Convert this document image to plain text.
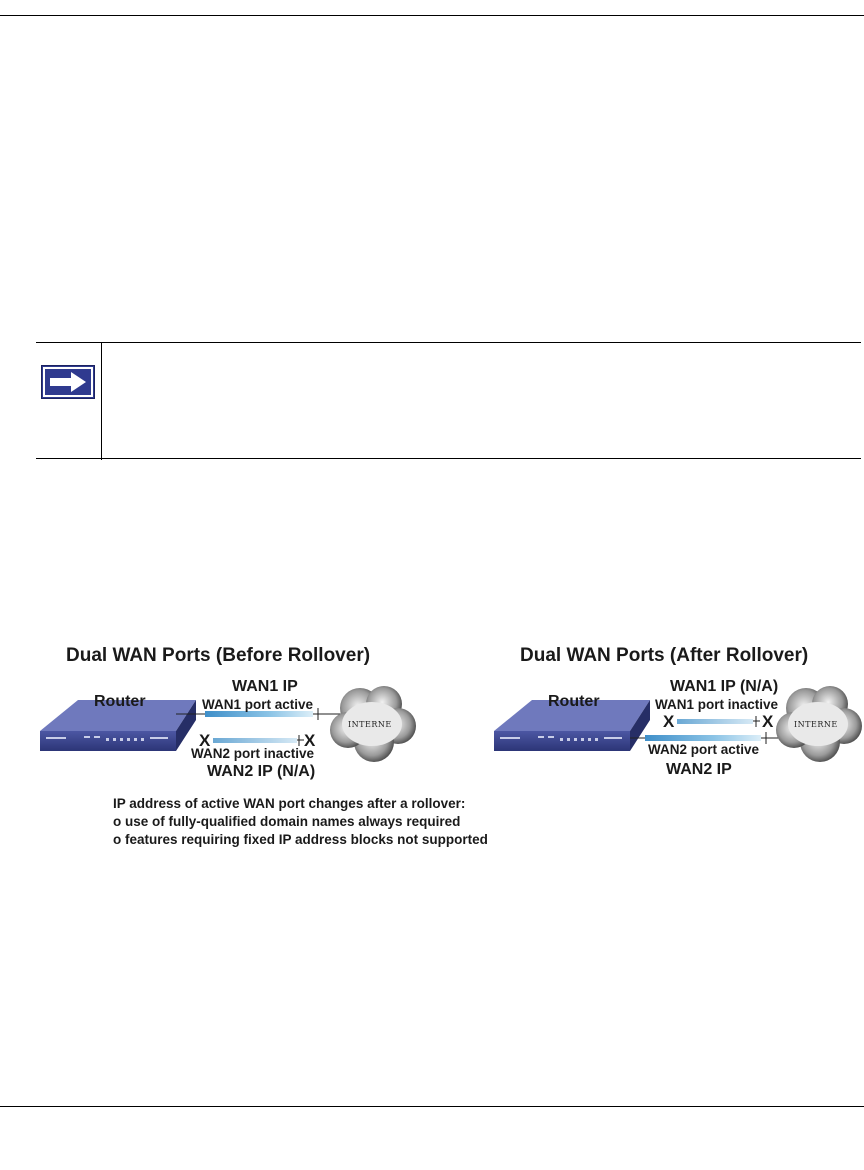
INTERNE	INTERNE
Dual WAN Ports (Before Rollover)
Router
WAN1 IP
WAN1 port active
X	X
WAN2 port inactive
WAN2 IP (N/A)
Dual WAN Ports (After Rollover)
Router
WAN1 IP (N/A)
WAN1 port inactive
X	X
WAN2 port active
WAN2 IP
IP address of active WAN port changes after a rollover:
o use of fully-qualified domain names always required
o features requiring fixed IP address blocks not supported
